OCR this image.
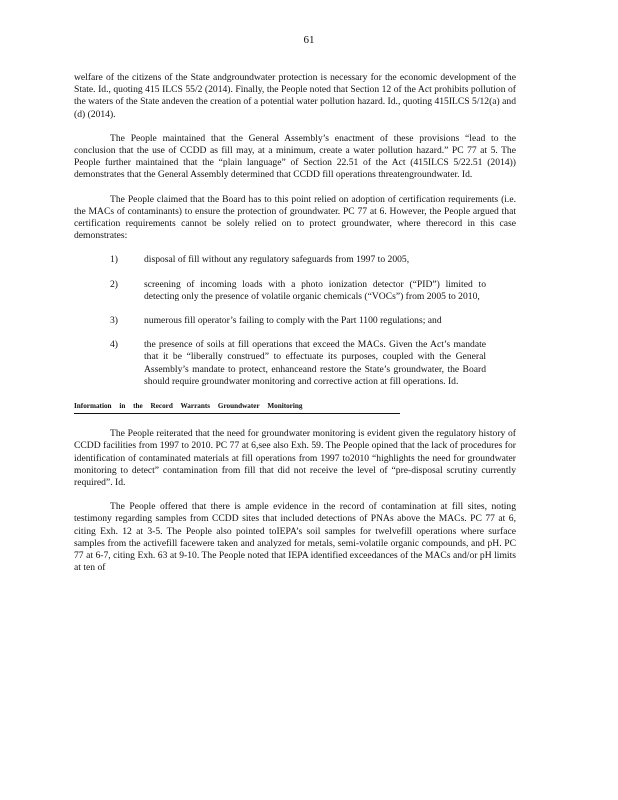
61

welfare of the citizens of the State andgroundwater protection is necessary for the economic development of the State. Id., quoting 415 ILCS 55/2 (2014). Finally, the People noted that Section 12 of the Act prohibits pollution of the waters of the State andeven the creation of a potential water pollution hazard. Id., quoting 415ILCS 5/12(a) and (d) (2014).

The People maintained that the General Assembly’s enactment of these provisions “lead to the conclusion that the use of CCDD as fill may, at a minimum, create a water pollution hazard.” PC 77 at 5. The People further maintained that the “plain language” of Section 22.51 of the Act (415ILCS 5/22.51 (2014)) demonstrates that the General Assembly determined that CCDD fill operations threatengroundwater. Id.

The People claimed that the Board has to this point relied on adoption of certification requirements (i.e. the MACs of contaminants) to ensure the protection of groundwater. PC 77 at 6. However, the People argued that certification requirements cannot be solely relied on to protect groundwater, where therecord in this case demonstrates:

1)	disposal of fill without any regulatory safeguards from 1997 to 2005,
2)	screening of incoming loads with a photo ionization detector (“PID”) limited to detecting only the presence of volatile organic chemicals (“VOCs”) from 2005 to 2010,
3)	numerous fill operator’s failing to comply with the Part 1100 regulations; and
4)	the presence of soils at fill operations that exceed the MACs. Given the Act’s mandate that it be “liberally construed” to effectuate its purposes, coupled with the General Assembly’s mandate to protect, enhanceand restore the State’s groundwater, the Board should require groundwater monitoring and corrective action at fill operations. Id.
Information in the Record Warrants Groundwater Monitoring

The People reiterated that the need for groundwater monitoring is evident given the regulatory history of CCDD facilities from 1997 to 2010. PC 77 at 6,see also Exh. 59. The People opined that the lack of procedures for identification of contaminated materials at fill operations from 1997 to2010 “highlights the need for groundwater monitoring to detect” contamination from fill that did not receive the level of “pre-disposal scrutiny currently required”. Id.

The People offered that there is ample evidence in the record of contamination at fill sites, noting testimony regarding samples from CCDD sites that included detections of PNAs above the MACs. PC 77 at 6, citing Exh. 12 at 3-5. The People also pointed toIEPA’s soil samples for twelvefill operations where surface samples from the activefill facewere taken and analyzed for metals, semi-volatile organic compounds, and pH. PC 77 at 6-7, citing Exh. 63 at 9-10. The People noted that IEPA identified exceedances of the MACs and/or pH limits at ten of
